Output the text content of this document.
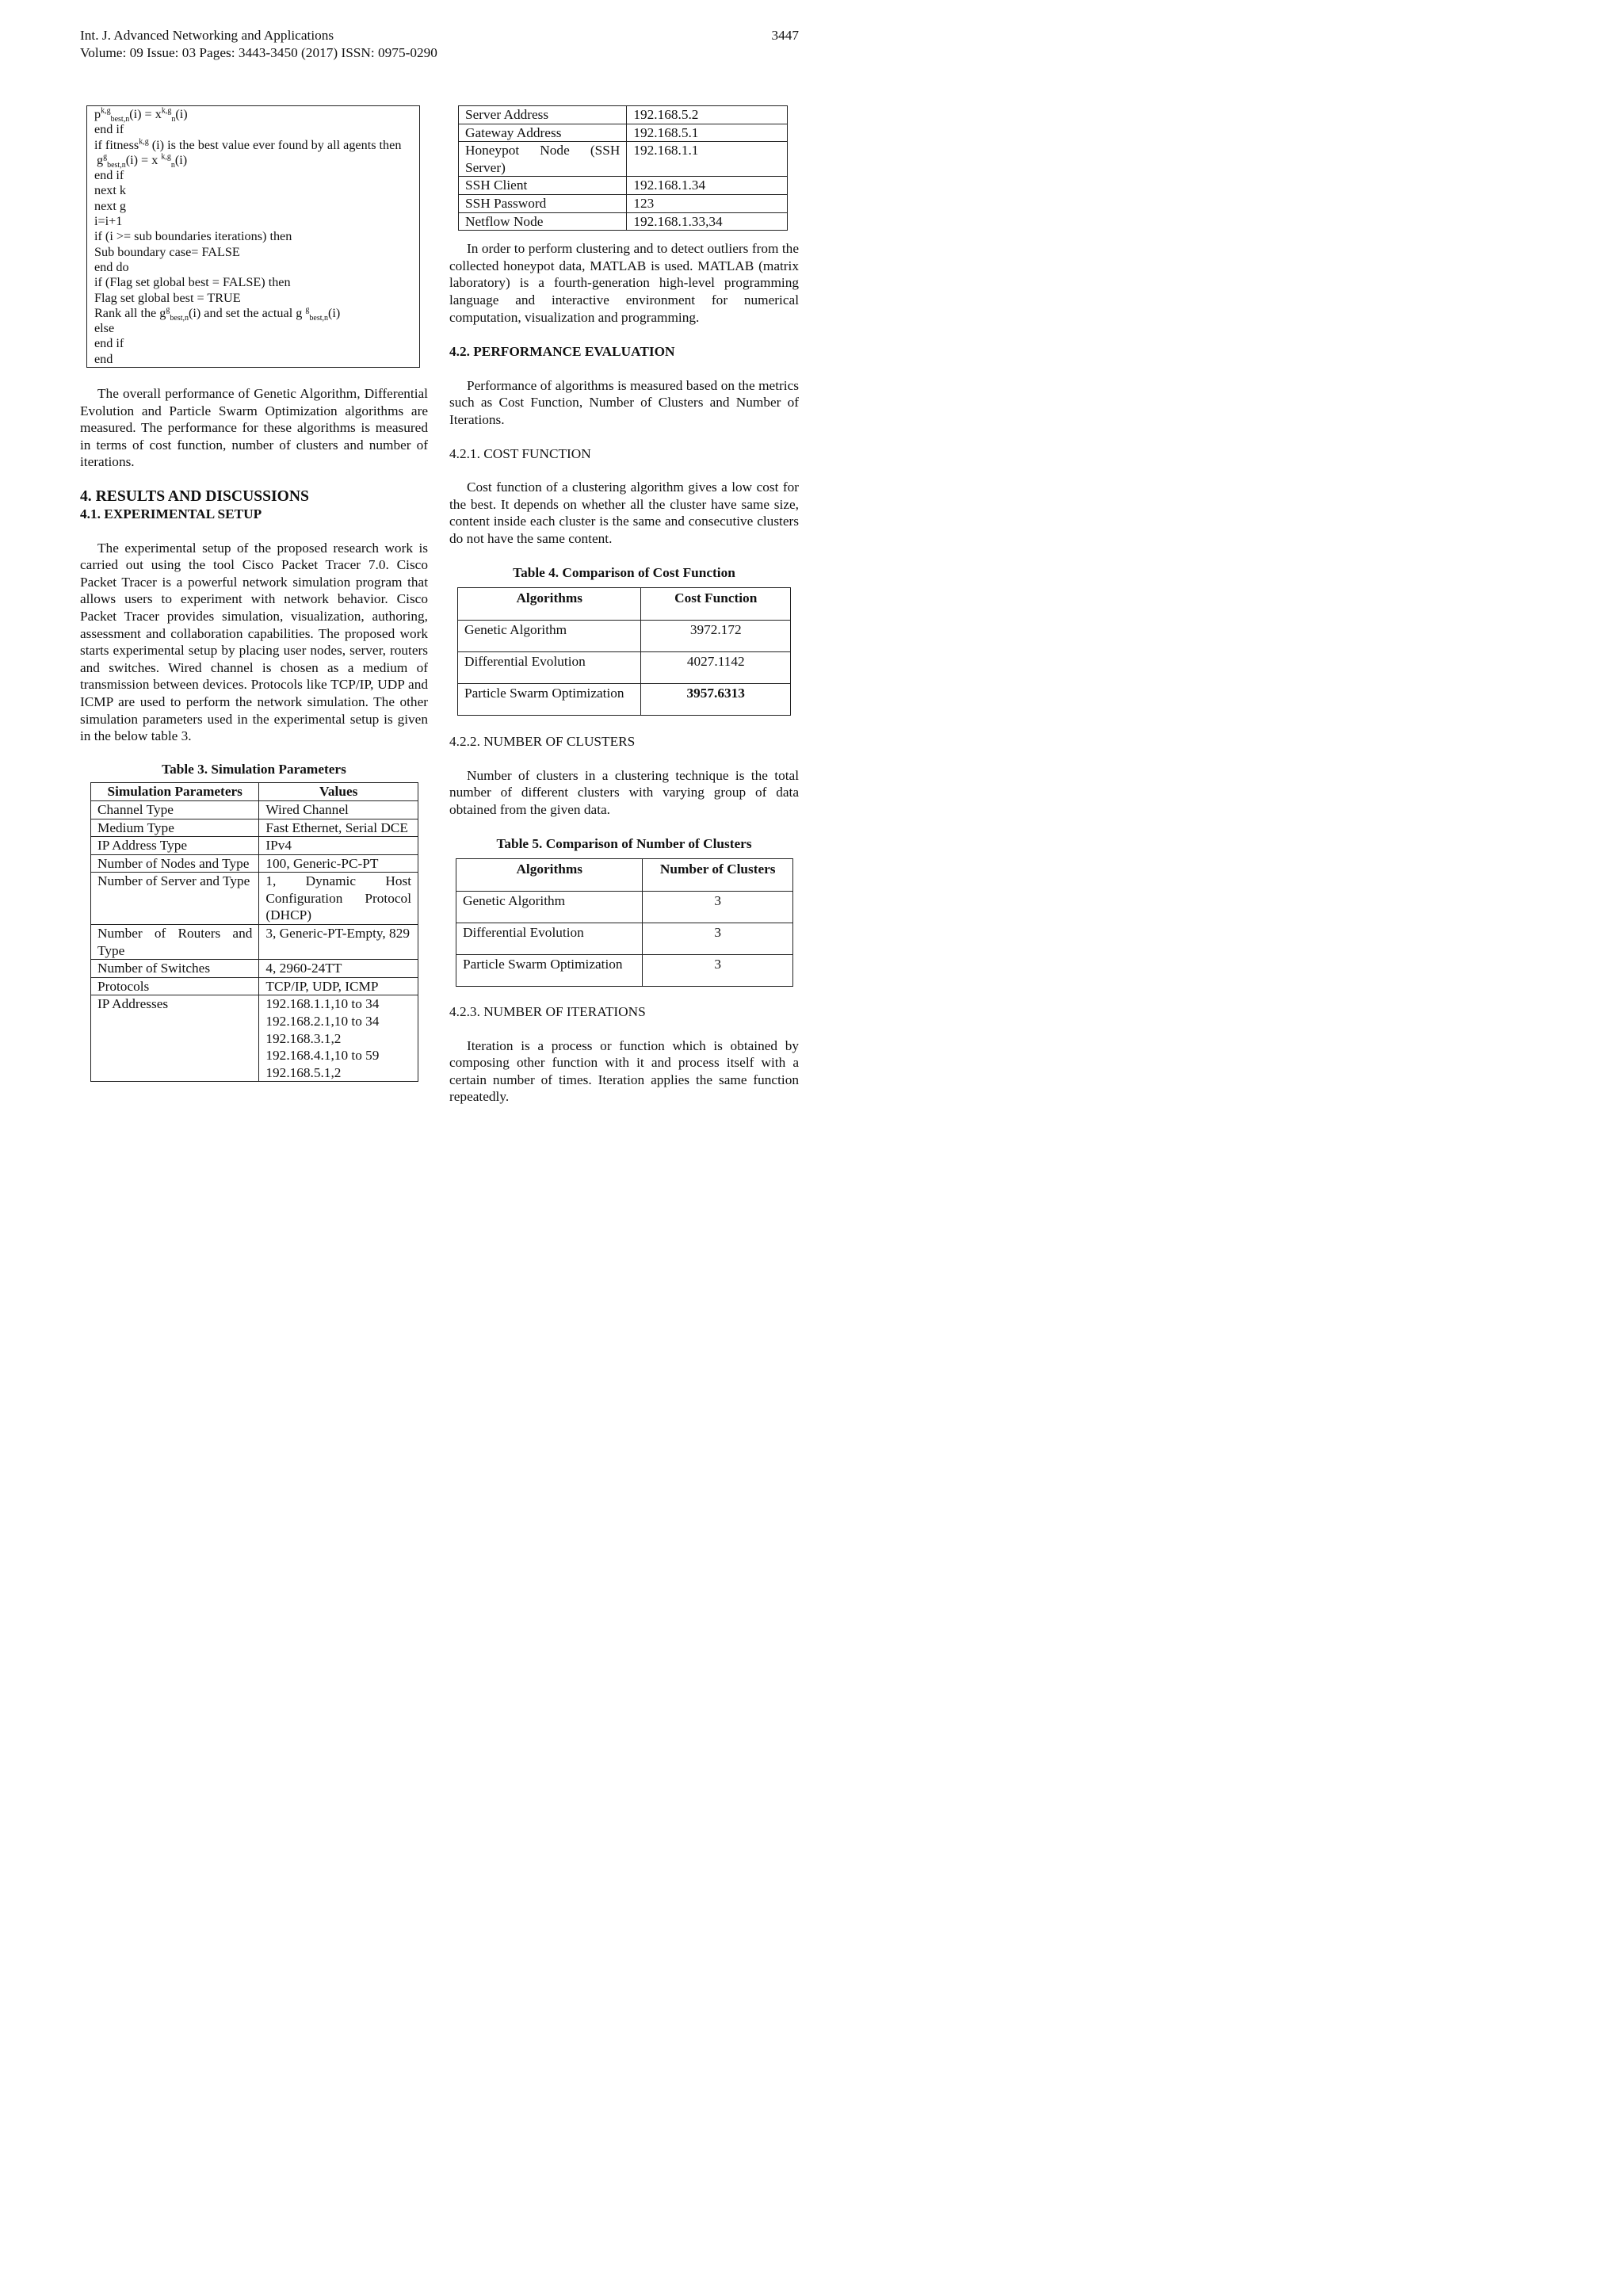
Int. J. Advanced Networking and Applications
Volume: 09 Issue: 03 Pages: 3443-3450 (2017) ISSN: 0975-0290
3447
$p^{k,g}_{best,n}(i) = x^{k,g}_n(i)$
end if
if fitness$^{k,g}$ (i) is the best value ever found by all agents then
$g^g_{best,n}(i) = x$ $^{k,g}_n$(i)
end if
next k
next g
i=i+1
if (i >= sub boundaries iterations) then
Sub boundary case= FALSE
end do
if (Flag set global best = FALSE) then
Flag set global best = TRUE
Rank all the $g^g_{best,n}(i)$ and set the actual g $^g_{best,n}$(i)
else
end if
end

The overall performance of Genetic Algorithm, Differential Evolution and Particle Swarm Optimization algorithms are measured. The performance for these algorithms is measured in terms of cost function, number of clusters and number of iterations.

4. RESULTS AND DISCUSSIONS

4.1. EXPERIMENTAL SETUP

The experimental setup of the proposed research work is carried out using the tool Cisco Packet Tracer 7.0. Cisco Packet Tracer is a powerful network simulation program that allows users to experiment with network behavior. Cisco Packet Tracer provides simulation, visualization, authoring, assessment and collaboration capabilities. The proposed work starts experimental setup by placing user nodes, server, routers and switches. Wired channel is chosen as a medium of transmission between devices. Protocols like TCP/IP, UDP and ICMP are used to perform the network simulation. The other simulation parameters used in the experimental setup is given in the below table 3.

Table 3. Simulation Parameters

Simulation Parameters	Values
Channel Type	Wired Channel
Medium Type	Fast Ethernet, Serial DCE
IP Address Type	IPv4
Number of Nodes and Type	100, Generic-PC-PT
Number of Server and Type	1, Dynamic Host Configuration Protocol (DHCP)
Number of Routers and Type	3, Generic-PT-Empty, 829
Number of Switches	4, 2960-24TT
Protocols	TCP/IP, UDP, ICMP
IP Addresses	192.168.1.1,10 to 34
192.168.2.1,10 to 34
192.168.3.1,2
192.168.4.1,10 to 59
192.168.5.1,2
Server Address	192.168.5.2
Gateway Address	192.168.5.1
Honeypot Node (SSH Server)	192.168.1.1
SSH Client	192.168.1.34
SSH Password	123
Netflow Node	192.168.1.33,34

In order to perform clustering and to detect outliers from the collected honeypot data, MATLAB is used. MATLAB (matrix laboratory) is a fourth-generation high-level programming language and interactive environment for numerical computation, visualization and programming.

4.2. PERFORMANCE EVALUATION

Performance of algorithms is measured based on the metrics such as Cost Function, Number of Clusters and Number of Iterations.

4.2.1. COST FUNCTION

Cost function of a clustering algorithm gives a low cost for the best. It depends on whether all the cluster have same size, content inside each cluster is the same and consecutive clusters do not have the same content.

Table 4. Comparison of Cost Function

Algorithms	Cost Function
Genetic Algorithm	3972.172
Differential Evolution	4027.1142
Particle Swarm Optimization	3957.6313

4.2.2. NUMBER OF CLUSTERS

Number of clusters in a clustering technique is the total number of different clusters with varying group of data obtained from the given data.

Table 5. Comparison of Number of Clusters

Algorithms	Number of Clusters
Genetic Algorithm	3
Differential Evolution	3
Particle Swarm Optimization	3

4.2.3. NUMBER OF ITERATIONS

Iteration is a process or function which is obtained by composing other function with it and process itself with a certain number of times. Iteration applies the same function repeatedly.
